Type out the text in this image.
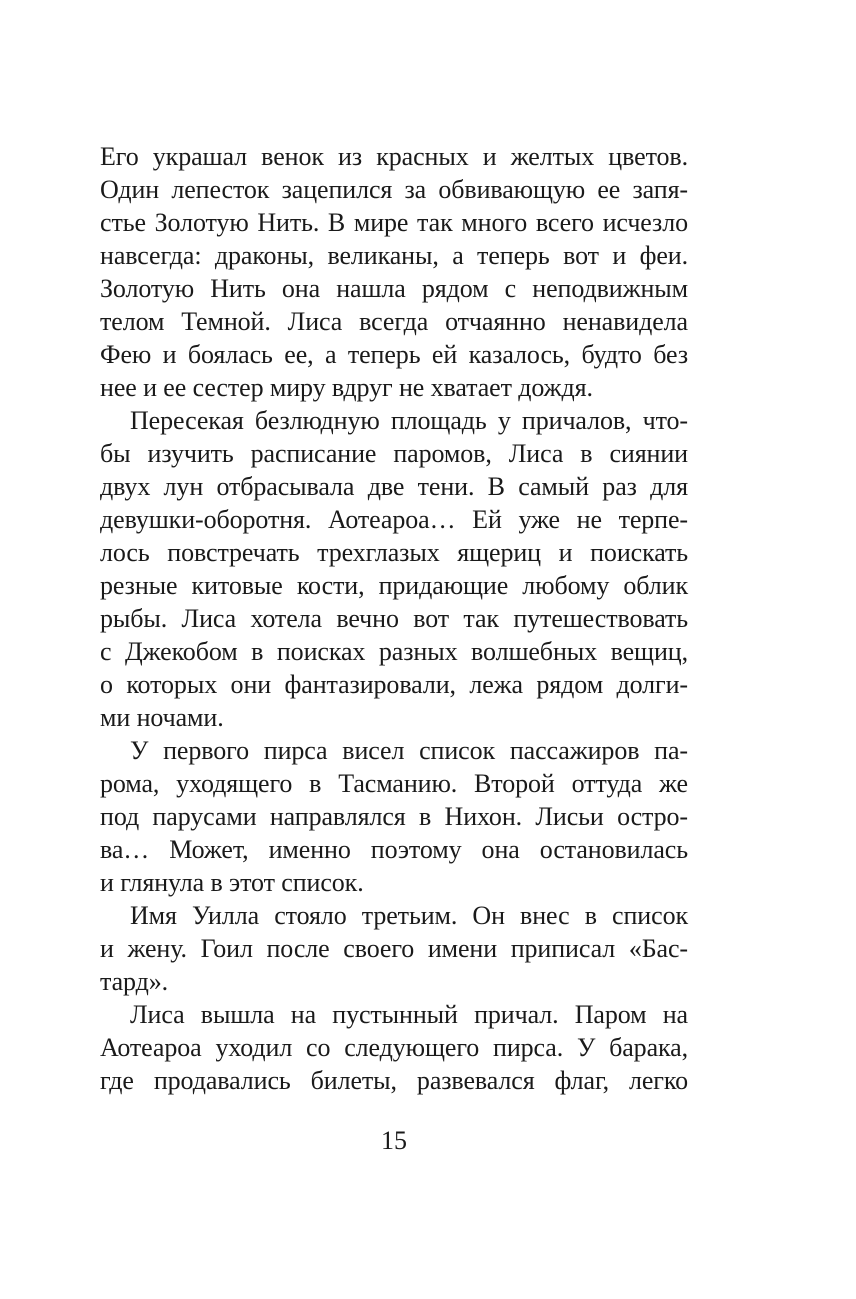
Его украшал венок из красных и желтых цветов.
Один лепесток зацепился за обвивающую ее запя-
стье Золотую Нить. В мире так много всего исчезло
навсегда: драконы, великаны, а теперь вот и феи.
Золотую Нить она нашла рядом с неподвижным
телом Темной. Лиса всегда отчаянно ненавидела
Фею и боялась ее, а теперь ей казалось, будто без
нее и ее сестер миру вдруг не хватает дождя.

Пересекая безлюдную площадь у причалов, что-
бы изучить расписание паромов, Лиса в сиянии
двух лун отбрасывала две тени. В самый раз для
девушки-оборотня. Аотеароа… Ей уже не терпе-
лось повстречать трехглазых ящериц и поискать
резные китовые кости, придающие любому облик
рыбы. Лиса хотела вечно вот так путешествовать
с Джекобом в поисках разных волшебных вещиц,
о которых они фантазировали, лежа рядом долги-
ми ночами.

У первого пирса висел список пассажиров па-
рома, уходящего в Тасманию. Второй оттуда же
под парусами направлялся в Нихон. Лисьи остро-
ва… Может, именно поэтому она остановилась
и глянула в этот список.

Имя Уилла стояло третьим. Он внес в список
и жену. Гоил после своего имени приписал «Бас-
тард».

Лиса вышла на пустынный причал. Паром на
Аотеароа уходил со следующего пирса. У барака,
где продавались билеты, развевался флаг, легко

15
